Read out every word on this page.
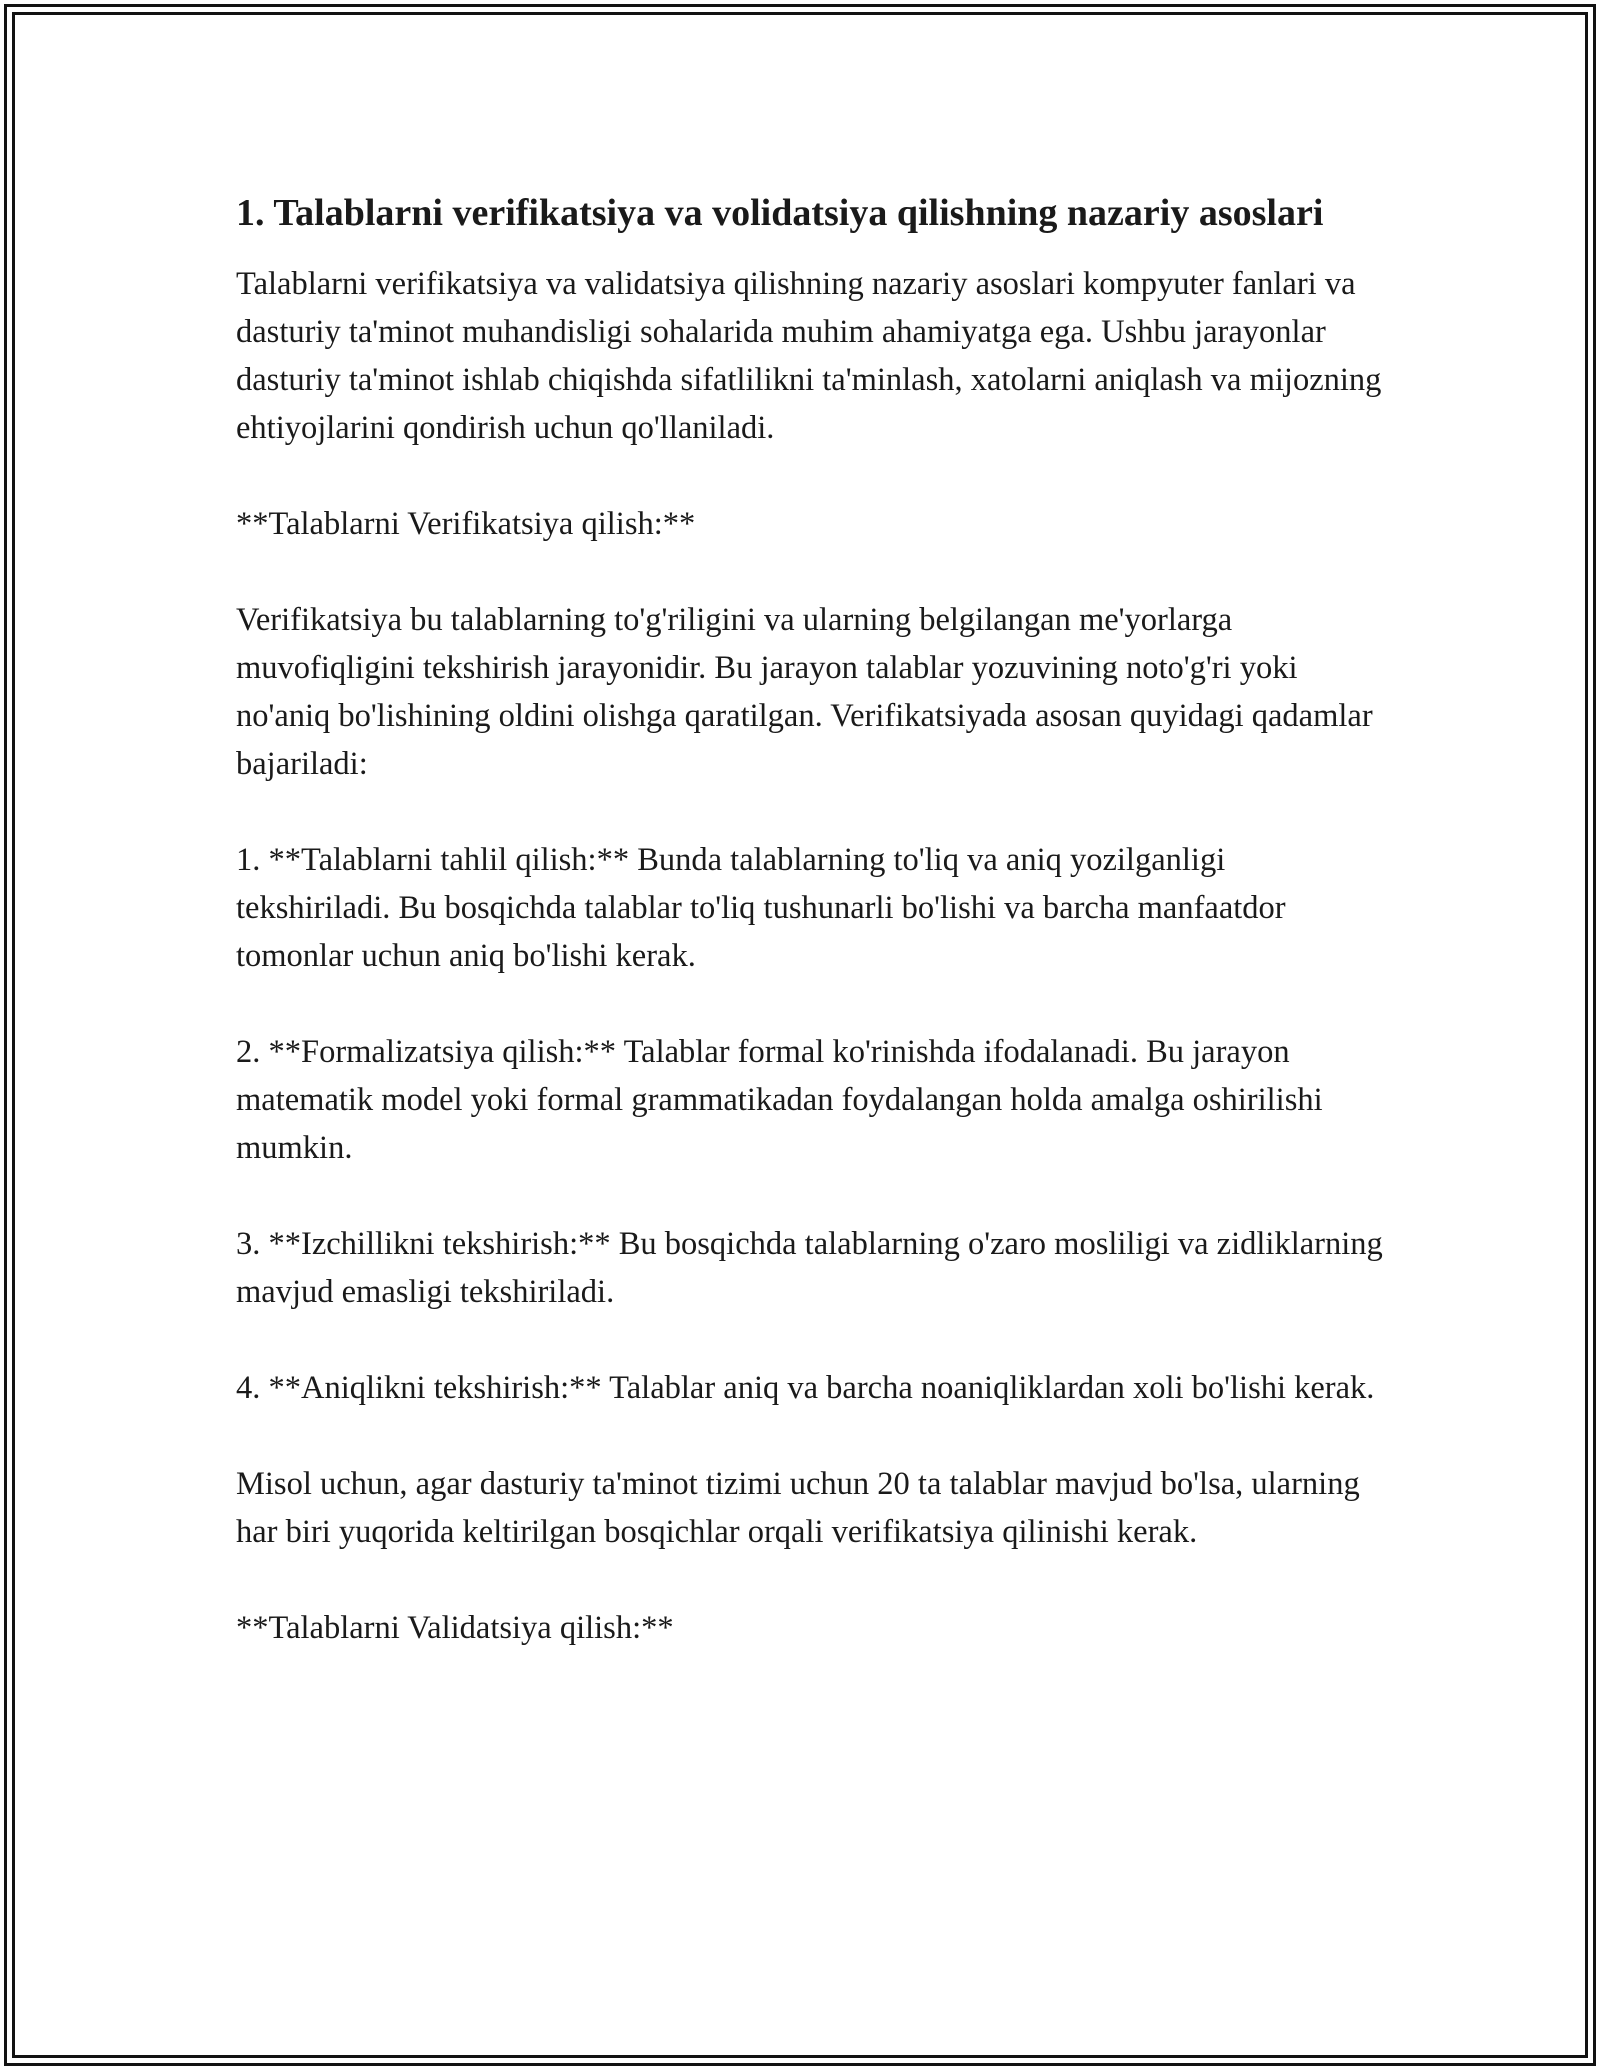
1. Talablarni verifikatsiya va volidatsiya qilishning nazariy asoslari

Talablarni verifikatsiya va validatsiya qilishning nazariy asoslari kompyuter fanlari va dasturiy ta'minot muhandisligi sohalarida muhim ahamiyatga ega. Ushbu jarayonlar dasturiy ta'minot ishlab chiqishda sifatlilikni ta'minlash, xatolarni aniqlash va mijozning ehtiyojlarini qondirish uchun qo'llaniladi.

**Talablarni Verifikatsiya qilish:**

Verifikatsiya bu talablarning to'g'riligini va ularning belgilangan me'yorlarga muvofiqligini tekshirish jarayonidir. Bu jarayon talablar yozuvining noto'g'ri yoki no'aniq bo'lishining oldini olishga qaratilgan. Verifikatsiyada asosan quyidagi qadamlar bajariladi:

1. **Talablarni tahlil qilish:** Bunda talablarning to'liq va aniq yozilganligi tekshiriladi. Bu bosqichda talablar to'liq tushunarli bo'lishi va barcha manfaatdor tomonlar uchun aniq bo'lishi kerak.

2. **Formalizatsiya qilish:** Talablar formal ko'rinishda ifodalanadi. Bu jarayon matematik model yoki formal grammatikadan foydalangan holda amalga oshirilishi mumkin.

3. **Izchillikni tekshirish:** Bu bosqichda talablarning o'zaro mosliligi va zidliklarning mavjud emasligi tekshiriladi.

4. **Aniqlikni tekshirish:** Talablar aniq va barcha noaniqliklardan xoli bo'lishi kerak.

Misol uchun, agar dasturiy ta'minot tizimi uchun 20 ta talablar mavjud bo'lsa, ularning har biri yuqorida keltirilgan bosqichlar orqali verifikatsiya qilinishi kerak.

**Talablarni Validatsiya qilish:**
